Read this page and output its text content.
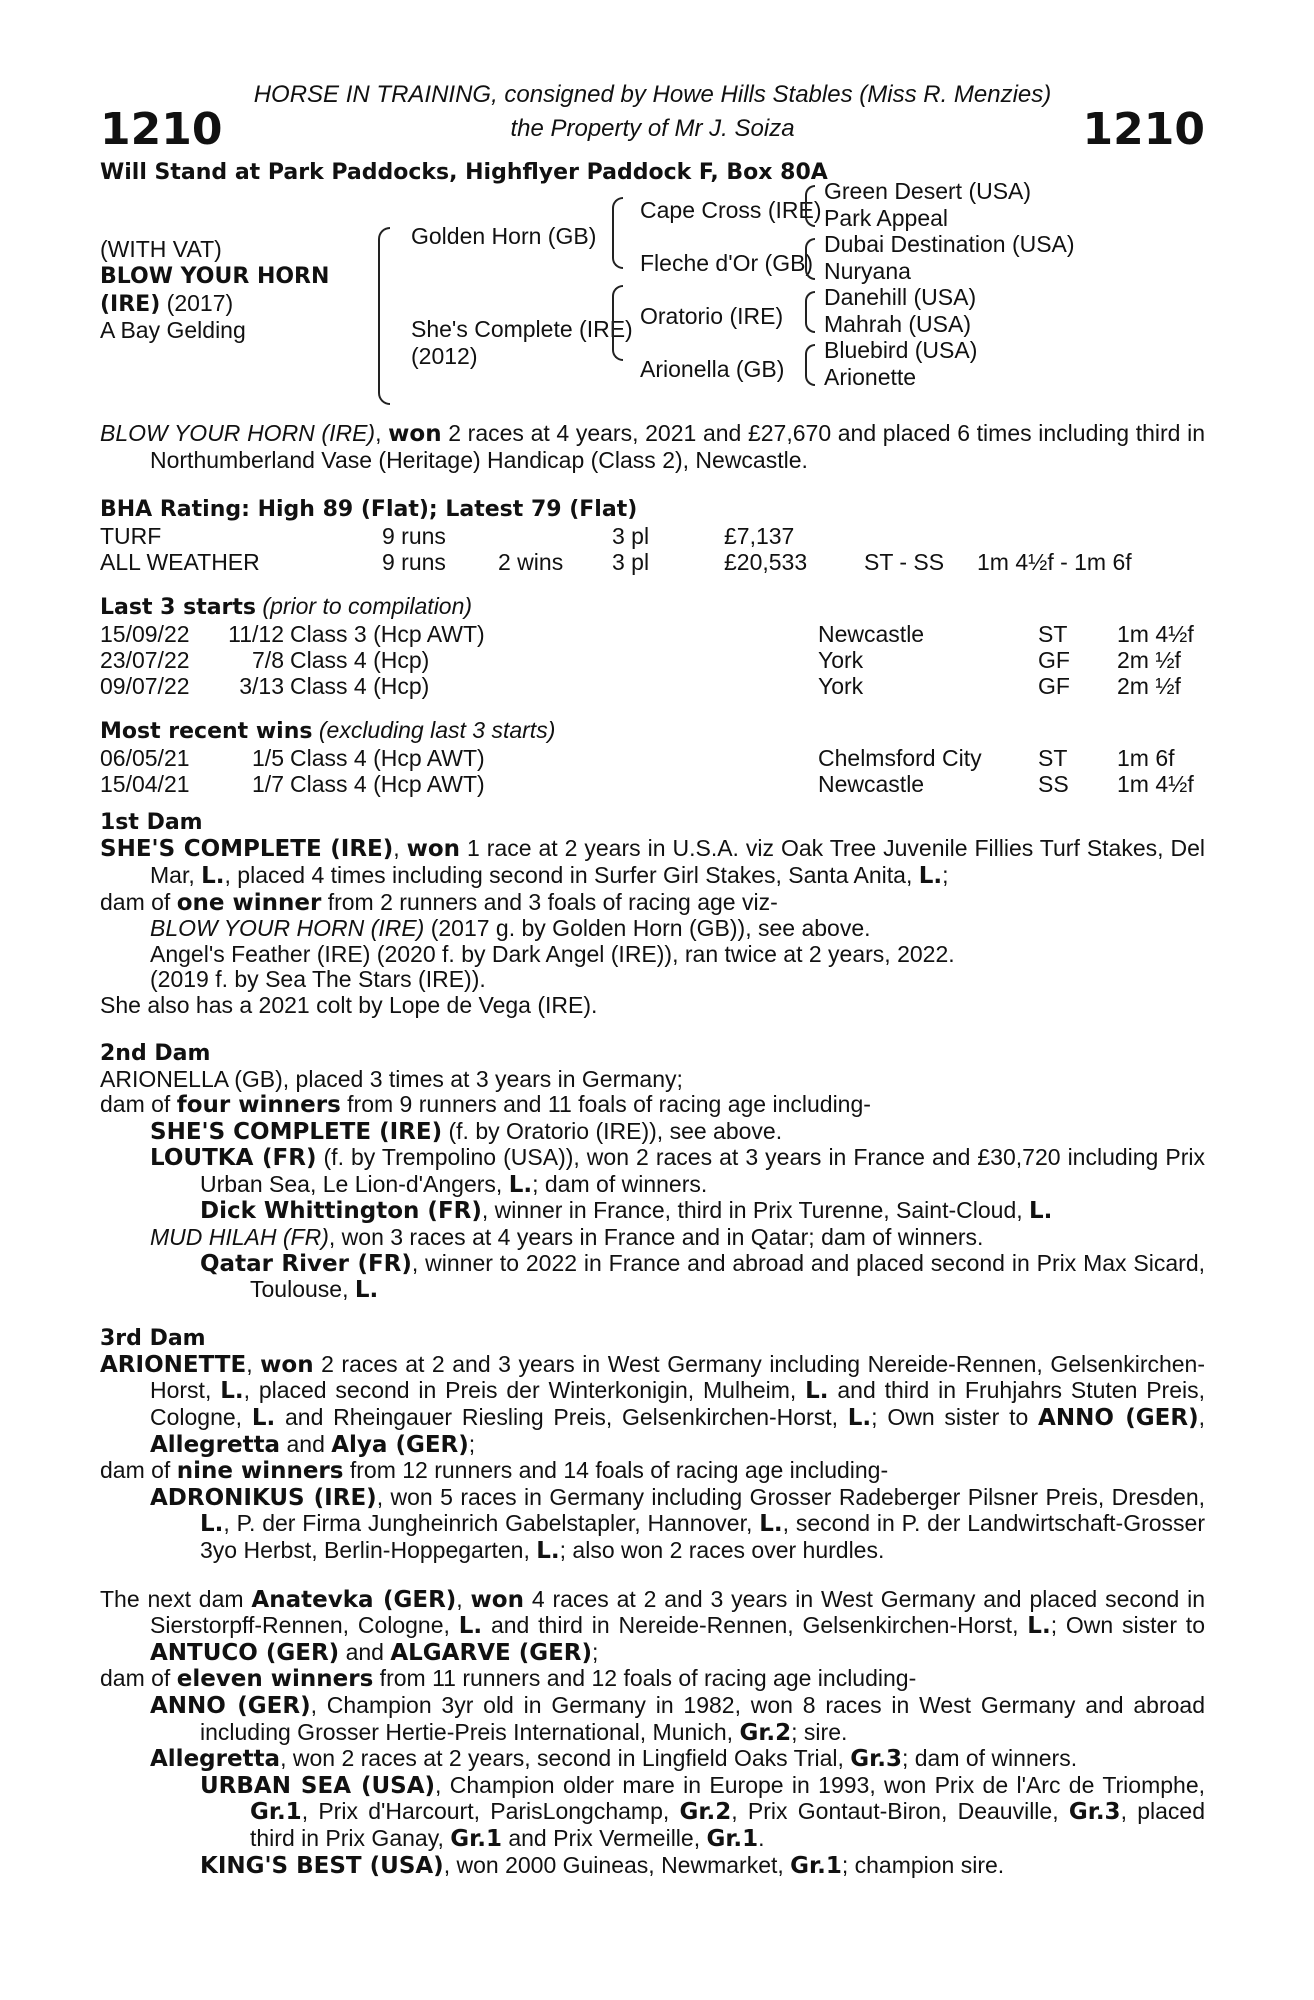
HORSE IN TRAINING, consigned by Howe Hills Stables (Miss R. Menzies)
1210	the Property of Mr J. Soiza	1210
Will Stand at Park Paddocks, Highflyer Paddock F, Box 80A
(WITH VAT)
BLOW YOUR HORN
(IRE) (2017)
A Bay Gelding
Golden Horn (GB)
She's Complete (IRE)
(2012)
Cape Cross (IRE)
Fleche d'Or (GB)
Oratorio (IRE)
Arionella (GB)
Green Desert (USA)
Park Appeal
Dubai Destination (USA)
Nuryana
Danehill (USA)
Mahrah (USA)
Bluebird (USA)
Arionette
BLOW YOUR HORN (IRE), won 2 races at 4 years, 2021 and £27,670 and placed 6 times including third in Northumberland Vase (Heritage) Handicap (Class 2), Newcastle.
BHA Rating: High 89 (Flat); Latest 79 (Flat)
TURF	9 runs	3 pl	£7,137
ALL WEATHER	9 runs 2 wins 3 pl	£20,533 ST - SS 1m 4½f - 1m 6f
Last 3 starts (prior to compilation)
15/09/22	11/12 Class 3 (Hcp AWT)	Newcastle	ST 1m 4½f
23/07/22	7/8 Class 4 (Hcp)	York	GF 2m ½f
09/07/22	3/13 Class 4 (Hcp)	York	GF 2m ½f
Most recent wins (excluding last 3 starts)
06/05/21	1/5 Class 4 (Hcp AWT)	Chelmsford City ST 1m 6f
15/04/21	1/7 Class 4 (Hcp AWT)	Newcastle	SS 1m 4½f
1st Dam
SHE'S COMPLETE (IRE), won 1 race at 2 years in U.S.A. viz Oak Tree Juvenile Fillies Turf Stakes, Del Mar, L., placed 4 times including second in Surfer Girl Stakes, Santa Anita, L.;
dam of one winner from 2 runners and 3 foals of racing age viz-
BLOW YOUR HORN (IRE) (2017 g. by Golden Horn (GB)), see above.
Angel's Feather (IRE) (2020 f. by Dark Angel (IRE)), ran twice at 2 years, 2022.
(2019 f. by Sea The Stars (IRE)).
She also has a 2021 colt by Lope de Vega (IRE).
2nd Dam
ARIONELLA (GB), placed 3 times at 3 years in Germany;
dam of four winners from 9 runners and 11 foals of racing age including-
SHE'S COMPLETE (IRE) (f. by Oratorio (IRE)), see above.
LOUTKA (FR) (f. by Trempolino (USA)), won 2 races at 3 years in France and £30,720 including Prix Urban Sea, Le Lion-d'Angers, L.; dam of winners.
Dick Whittington (FR), winner in France, third in Prix Turenne, Saint-Cloud, L.
MUD HILAH (FR), won 3 races at 4 years in France and in Qatar; dam of winners.
Qatar River (FR), winner to 2022 in France and abroad and placed second in Prix Max Sicard, Toulouse, L.
3rd Dam
ARIONETTE, won 2 races at 2 and 3 years in West Germany including Nereide-Rennen, Gelsenkirchen-Horst, L., placed second in Preis der Winterkonigin, Mulheim, L. and third in Fruhjahrs Stuten Preis, Cologne, L. and Rheingauer Riesling Preis, Gelsenkirchen-Horst, L.; Own sister to ANNO (GER), Allegretta and Alya (GER);
dam of nine winners from 12 runners and 14 foals of racing age including-
ADRONIKUS (IRE), won 5 races in Germany including Grosser Radeberger Pilsner Preis, Dresden, L., P. der Firma Jungheinrich Gabelstapler, Hannover, L., second in P. der Landwirtschaft-Grosser 3yo Herbst, Berlin-Hoppegarten, L.; also won 2 races over hurdles.
The next dam Anatevka (GER), won 4 races at 2 and 3 years in West Germany and placed second in Sierstorpff-Rennen, Cologne, L. and third in Nereide-Rennen, Gelsenkirchen-Horst, L.; Own sister to ANTUCO (GER) and ALGARVE (GER);
dam of eleven winners from 11 runners and 12 foals of racing age including-
ANNO (GER), Champion 3yr old in Germany in 1982, won 8 races in West Germany and abroad including Grosser Hertie-Preis International, Munich, Gr.2; sire.
Allegretta, won 2 races at 2 years, second in Lingfield Oaks Trial, Gr.3; dam of winners.
URBAN SEA (USA), Champion older mare in Europe in 1993, won Prix de l'Arc de Triomphe, Gr.1, Prix d'Harcourt, ParisLongchamp, Gr.2, Prix Gontaut-Biron, Deauville, Gr.3, placed third in Prix Ganay, Gr.1 and Prix Vermeille, Gr.1.
KING'S BEST (USA), won 2000 Guineas, Newmarket, Gr.1; champion sire.
